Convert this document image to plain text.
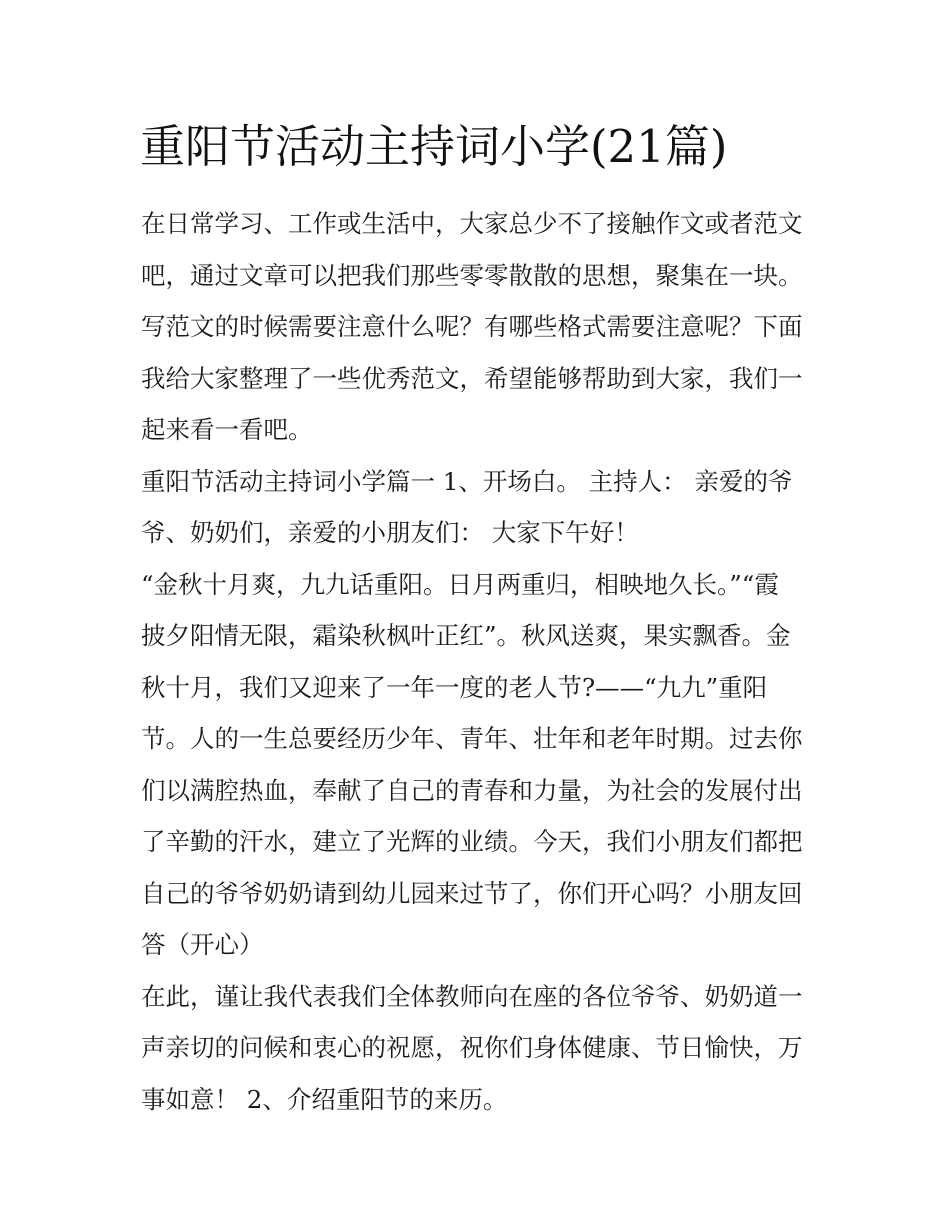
重阳节活动主持词小学(21篇)

在日常学习、工作或生活中，大家总少不了接触作文或者范文
吧，通过文章可以把我们那些零零散散的思想，聚集在一块。
写范文的时候需要注意什么呢？有哪些格式需要注意呢？下面
我给大家整理了一些优秀范文，希望能够帮助到大家，我们一
起来看一看吧。

重阳节活动主持词小学篇一 1、开场白。 主持人： 亲爱的爷
爷、奶奶们，亲爱的小朋友们： 大家下午好！

“金秋十月爽，九九话重阳。日月两重归，相映地久长。”“霞
披夕阳情无限，霜染秋枫叶正红”。秋风送爽，果实飘香。金
秋十月，我们又迎来了一年一度的老人节?——“九九”重阳
节。人的一生总要经历少年、青年、壮年和老年时期。过去你
们以满腔热血，奉献了自己的青春和力量，为社会的发展付出
了辛勤的汗水，建立了光辉的业绩。今天，我们小朋友们都把
自己的爷爷奶奶请到幼儿园来过节了，你们开心吗？小朋友回
答（开心）

在此，谨让我代表我们全体教师向在座的各位爷爷、奶奶道一
声亲切的问候和衷心的祝愿，祝你们身体健康、节日愉快，万
事如意！ 2、介绍重阳节的来历。
